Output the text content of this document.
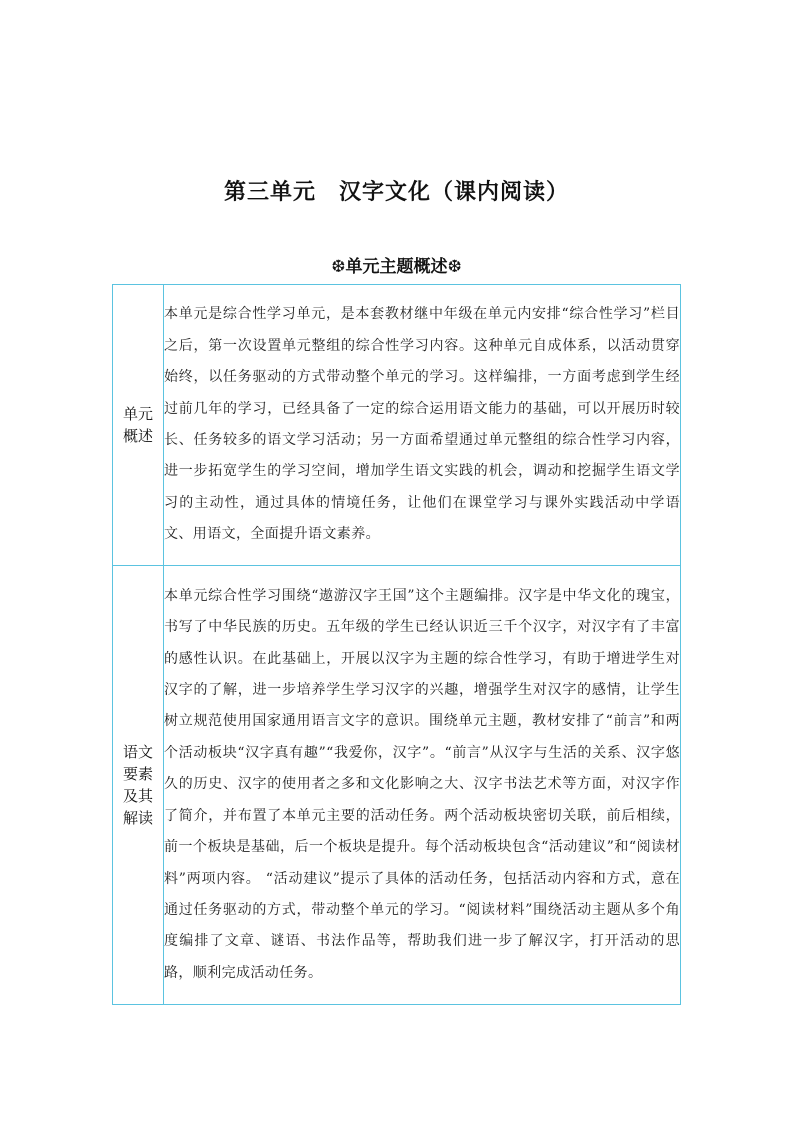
第三单元　汉字文化（课内阅读）
❆单元主题概述❆
单元概述	本单元是综合性学习单元，是本套教材继中年级在单元内安排“综合性学习”栏目之后，第一次设置单元整组的综合性学习内容。这种单元自成体系，以活动贯穿始终，以任务驱动的方式带动整个单元的学习。这样编排，一方面考虑到学生经过前几年的学习，已经具备了一定的综合运用语文能力的基础，可以开展历时较长、任务较多的语文学习活动；另一方面希望通过单元整组的综合性学习内容，进一步拓宽学生的学习空间，增加学生语文实践的机会，调动和挖掘学生语文学习的主动性，通过具体的情境任务，让他们在课堂学习与课外实践活动中学语文、用语文，全面提升语文素养。
语文要素及其解读	本单元综合性学习围绕“遨游汉字王国”这个主题编排。汉字是中华文化的瑰宝，书写了中华民族的历史。五年级的学生已经认识近三千个汉字，对汉字有了丰富的感性认识。在此基础上，开展以汉字为主题的综合性学习，有助于增进学生对汉字的了解，进一步培养学生学习汉字的兴趣，增强学生对汉字的感情，让学生树立规范使用国家通用语言文字的意识。围绕单元主题，教材安排了“前言”和两个活动板块“汉字真有趣”“我爱你，汉字”。“前言”从汉字与生活的关系、汉字悠久的历史、汉字的使用者之多和文化影响之大、汉字书法艺术等方面，对汉字作了简介，并布置了本单元主要的活动任务。两个活动板块密切关联，前后相续，前一个板块是基础，后一个板块是提升。每个活动板块包含“活动建议”和“阅读材料”两项内容。 “活动建议”提示了具体的活动任务，包括活动内容和方式，意在通过任务驱动的方式，带动整个单元的学习。“阅读材料”围绕活动主题从多个角度编排了文章、谜语、书法作品等，帮助我们进一步了解汉字，打开活动的思路，顺利完成活动任务。
